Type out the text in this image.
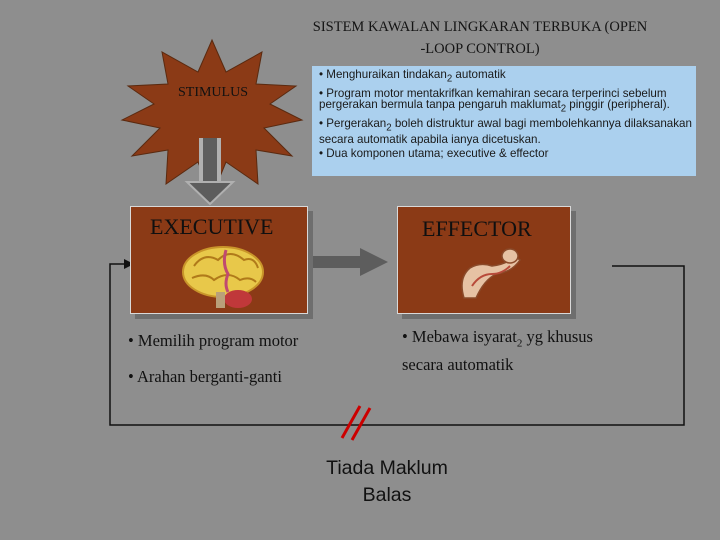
SISTEM KAWALAN LINGKARAN TERBUKA (OPEN
-LOOP CONTROL)
STIMULUS
• Menghuraikan tindakan$_2$ automatik
• Program motor mentakrifkan kemahiran secara terperinci sebelum pergerakan bermula tanpa pengaruh maklumat$_2$ pinggir (peripheral).
• Pergerakan$_2$ boleh distruktur awal bagi membolehkannya dilaksanakan secara automatik apabila ianya dicetuskan.
• Dua komponen utama; executive & effector
EXECUTIVE	EFFECTOR
• Memilih program motor
• Arahan berganti-ganti
• Mebawa isyarat$_2$ yg khusus secara automatik
Tiada Maklum
Balas
